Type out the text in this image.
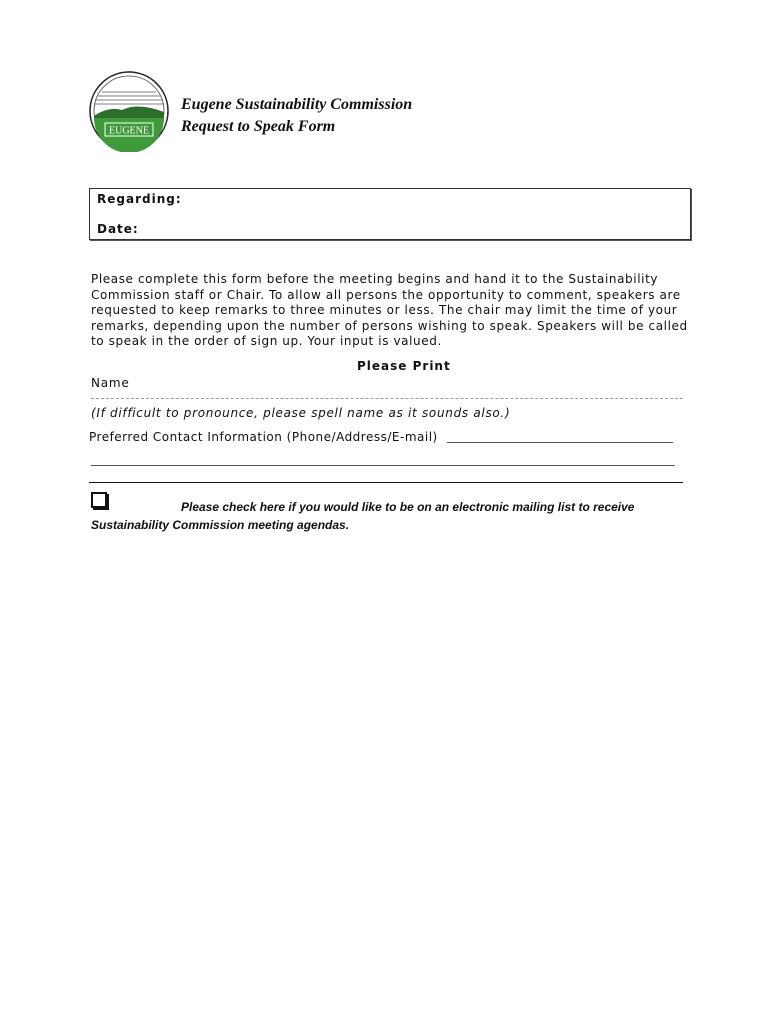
EUGENE
Eugene Sustainability Commission
Request to Speak Form
Regarding:
Date:
Please complete this form before the meeting begins and hand it to the Sustainability Commission staff or Chair. To allow all persons the opportunity to comment, speakers are requested to keep remarks to three minutes or less. The chair may limit the time of your remarks, depending upon the number of persons wishing to speak. Speakers will be called to speak in the order of sign up. Your input is valued.
Please Print
Name
(If difficult to pronounce, please spell name as it sounds also.)
Preferred Contact Information (Phone/Address/E-mail)
Please check here if you would like to be on an electronic mailing list to receive
Sustainability Commission meeting agendas.
